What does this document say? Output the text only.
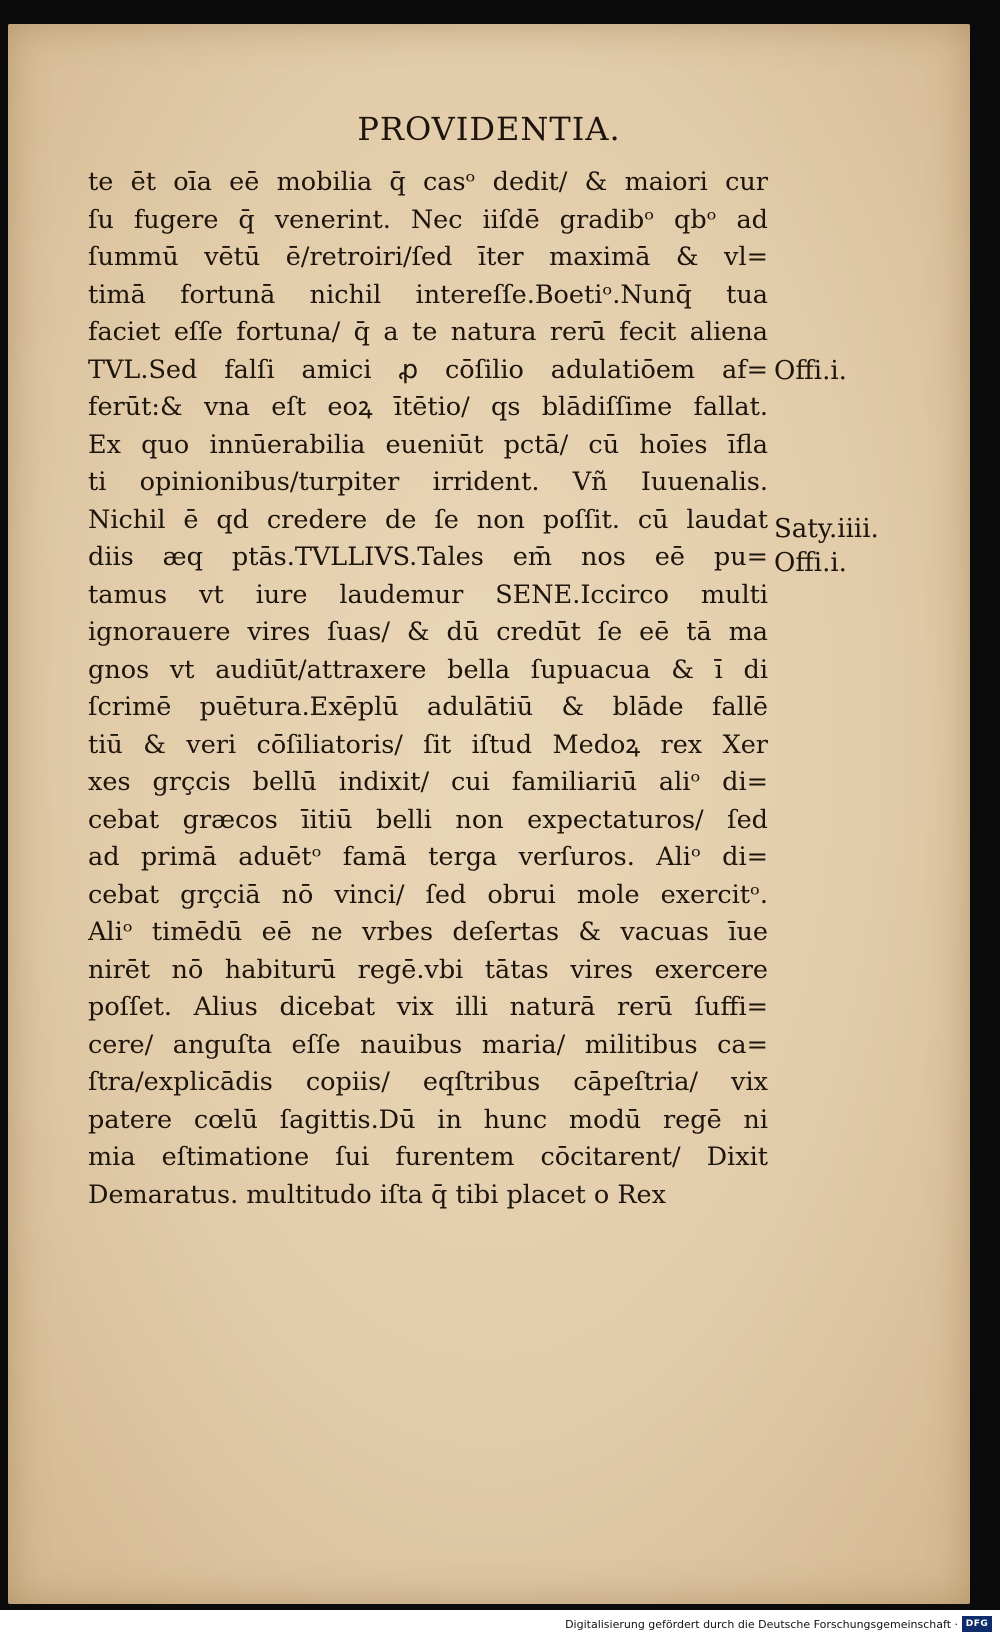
PROVIDENTIA.
te ēt oīa eē mobilia q̄ casᵒ dedit/ & maiori cur
ſu fugere q̄ venerint. Nec iiſdē gradibᵒ qbᵒ ad
ſummū vētū ē/retroiri/ſed īter maximā & vl=
timā fortunā nichil intereſſe.Boetiᵒ.Nunq̄ tua
faciet eſſe fortuna/ q̄ a te natura rerū fecit aliena
TVL.Sed falſi amici ꝓ cōſilio adulatiōem af=
ferūt:& vna eſt eoꝝ ītētio/ qs blādiſſime fallat.
Ex quo innūerabilia eueniūt pctā/ cū hoīes īfla
ti opinionibus/turpiter irrident. Vñ Iuuenalis.
Nichil ē qd credere de ſe non poſſit. cū laudat
diis æq ptās.TVLLIVS.Tales em̄ nos eē pu=
tamus vt iure laudemur SENE.Iccirco multi
ignorauere vires ſuas/ & dū credūt ſe eē tā ma
gnos vt audiūt/attraxere bella ſupuacua & ī di
ſcrimē puētura.Exēplū adulātiū & blāde fallē
tiū & veri cōſiliatoris/ ſit iſtud Medoꝝ rex Xer
xes grçcis bellū indixit/ cui familiariū aliᵒ di=
cebat græcos īitiū belli non expectaturos/ ſed
ad primā aduētᵒ famā terga verſuros. Aliᵒ di=
cebat grçciā nō vinci/ ſed obrui mole exercitᵒ.
Aliᵒ timēdū eē ne vrbes deſertas & vacuas īue
nirēt nō habiturū regē.vbi tātas vires exercere
poſſet. Alius dicebat vix illi naturā rerū ſuffi=
cere/ anguſta eſſe nauibus maria/ militibus ca=
ſtra/explicādis copiis/ eqſtribus cāpeſtria/ vix
patere cœlū ſagittis.Dū in hunc modū regē ni
mia eſtimatione ſui furentem cōcitarent/ Dixit
Demaratus. multitudo iſta q̄ tibi placet o Rex
Offi.i.
Saty.iiii.
Offi.i.
Digitalisierung gefördert durch die Deutsche Forschungsgemeinschaft · DFG
